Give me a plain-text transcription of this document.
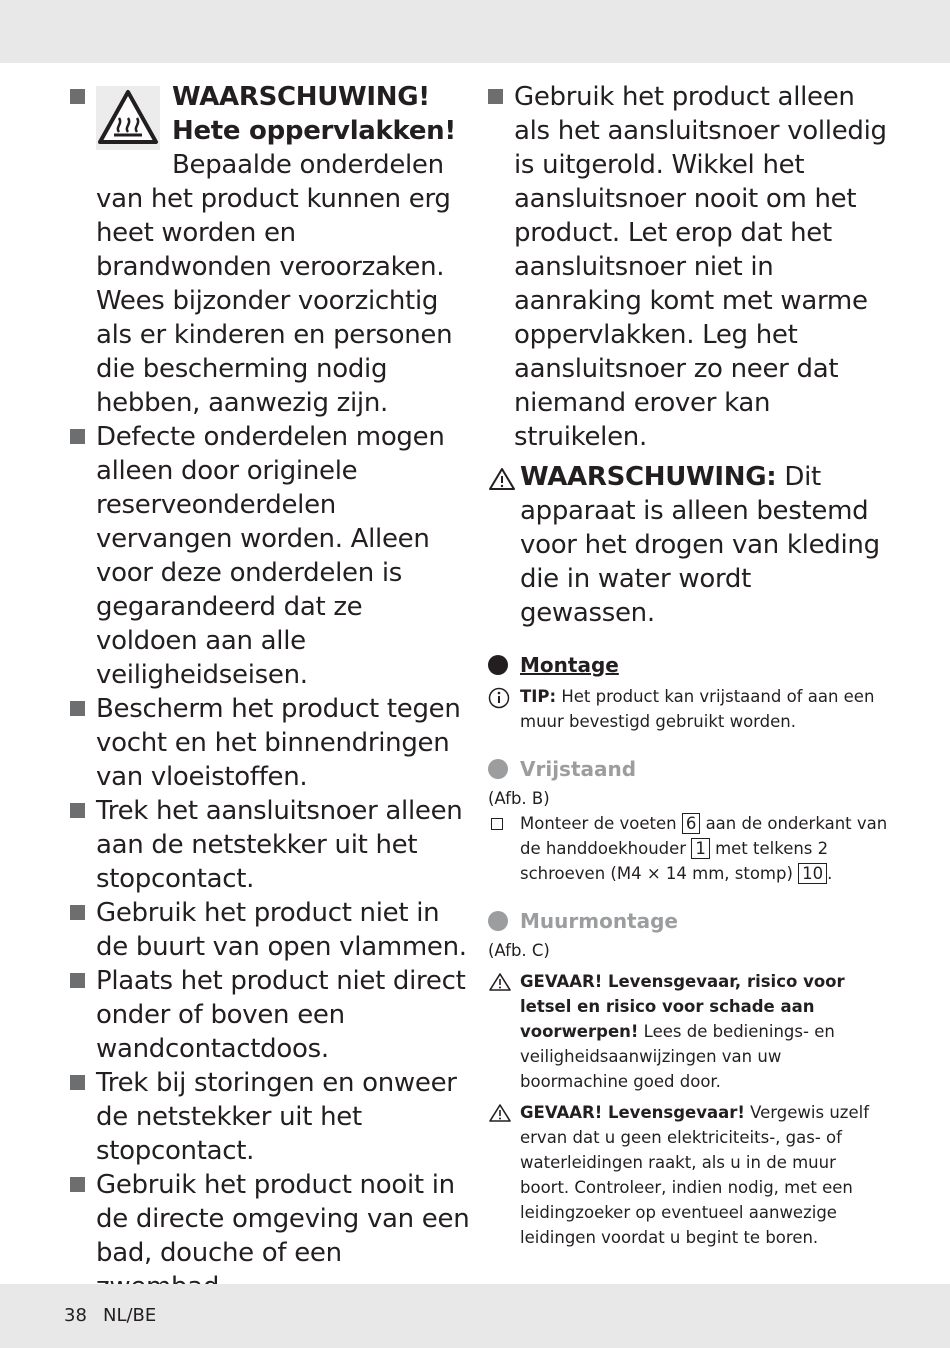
WAARSCHUWING!
Hete oppervlakken!
Bepaalde onderdelen van het product kunnen erg heet worden en brandwonden veroorzaken. Wees bijzonder voorzichtig als er kinderen en personen die bescherming nodig hebben, aanwezig zijn.
Defecte onderdelen mogen alleen door originele reserveonderdelen vervangen worden. Alleen voor deze onderdelen is gegarandeerd dat ze voldoen aan alle veiligheidseisen.
Bescherm het product tegen vocht en het binnendringen van vloeistoffen.
Trek het aansluitsnoer alleen aan de netstekker uit het stopcontact.
Gebruik het product niet in de buurt van open vlammen.
Plaats het product niet direct onder of boven een wandcontactdoos.
Trek bij storingen en onweer de netstekker uit het stopcontact.
Gebruik het product nooit in de directe omgeving van een bad, douche of een
Gebruik het product alleen als het aansluitsnoer volledig is uitgerold. Wikkel het aansluitsnoer nooit om het product. Let erop dat het aansluitsnoer niet in aanraking komt met warme oppervlakken. Leg het aansluitsnoer zo neer dat niemand erover kan struikelen.
WAARSCHUWING: Dit apparaat is alleen bestemd voor het drogen van kleding die in water wordt gewassen.
Montage
TIP: Het product kan vrijstaand of aan een muur bevestigd gebruikt worden.
Vrijstaand
(Afb. B)
Monteer de voeten 6 aan de onderkant van de handdoekhouder 1 met telkens 2 schroeven (M4 × 14 mm, stomp) 10 .
Muurmontage
(Afb. C)
GEVAAR! Levensgevaar, risico voor letsel en risico voor schade aan voorwerpen! Lees de bedienings- en veiligheidsaanwijzingen van uw boormachine goed door.
GEVAAR! Levensgevaar! Vergewis uzelf ervan dat u geen elektriciteits-, gas- of waterleidingen raakt, als u in de muur boort. Controleer, indien nodig, met een leidingzoeker op eventueel aanwezige leidingen voordat u begint te boren.
38 NL/BE
